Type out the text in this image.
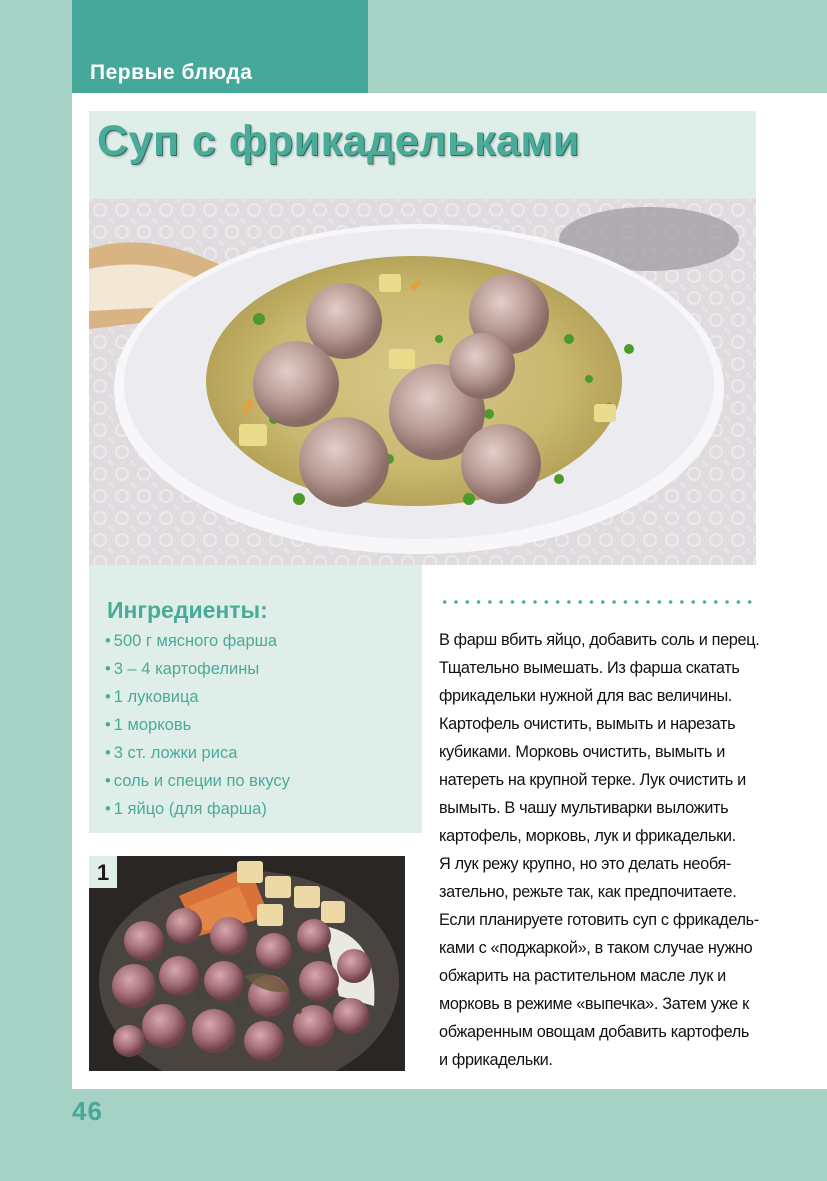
Первые блюда
Суп с фрикадельками
Ингредиенты:
• 500 г мясного фарша
• 3 – 4 картофелины
• 1 луковица
• 1 морковь
• 3 ст. ложки риса
• соль и специи по вкусу
• 1 яйцо (для фарша)
1
В фарш вбить яйцо, добавить соль и перец.
Тщательно вымешать. Из фарша скатать
фрикадельки нужной для вас величины.
Картофель очистить, вымыть и нарезать
кубиками. Морковь очистить, вымыть и
натереть на крупной терке. Лук очистить и
вымыть. В чашу мультиварки выложить
картофель, морковь, лук и фрикадельки.
Я лук режу крупно, но это делать необя-
зательно, режьте так, как предпочитаете.
Если планируете готовить суп с фрикадель-
ками с «поджаркой», в таком случае нужно
обжарить на растительном масле лук и
морковь в режиме «выпечка». Затем уже к
обжаренным овощам добавить картофель
и фрикадельки.
46
